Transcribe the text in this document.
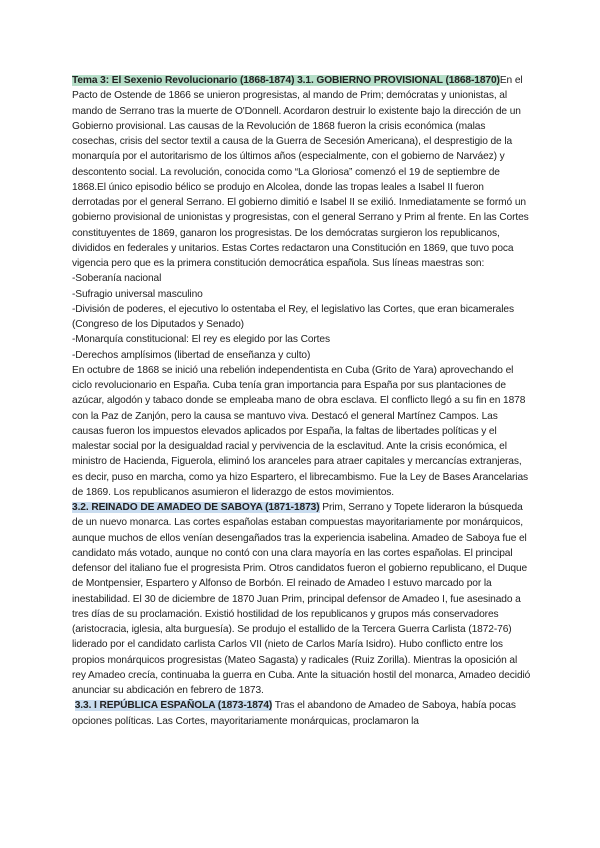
Tema 3: El Sexenio Revolucionario (1868-1874) 3.1. GOBIERNO PROVISIONAL (1868-1870)En el Pacto de Ostende de 1866 se unieron progresistas, al mando de Prim; demócratas y unionistas, al mando de Serrano tras la muerte de O'Donnell. Acordaron destruir lo existente bajo la dirección de un Gobierno provisional. Las causas de la Revolución de 1868 fueron la crisis económica (malas cosechas, crisis del sector textil a causa de la Guerra de Secesión Americana), el desprestigio de la monarquía por el autoritarismo de los últimos años (especialmente, con el gobierno de Narváez) y descontento social. La revolución, conocida como “La Gloriosa” comenzó el 19 de septiembre de 1868.El único episodio bélico se produjo en Alcolea, donde las tropas leales a Isabel II fueron derrotadas por el general Serrano. El gobierno dimitió e Isabel II se exilió. Inmediatamente se formó un gobierno provisional de unionistas y progresistas, con el general Serrano y Prim al frente. En las Cortes constituyentes de 1869, ganaron los progresistas. De los demócratas surgieron los republicanos, divididos en federales y unitarios. Estas Cortes redactaron una Constitución en 1869, que tuvo poca vigencia pero que es la primera constitución democrática española. Sus líneas maestras son:

-Soberanía nacional

-Sufragio universal masculino

-División de poderes, el ejecutivo lo ostentaba el Rey, el legislativo las Cortes, que eran bicamerales (Congreso de los Diputados y Senado)

-Monarquía constitucional: El rey es elegido por las Cortes

-Derechos amplísimos (libertad de enseñanza y culto)

En octubre de 1868 se inició una rebelión independentista en Cuba (Grito de Yara) aprovechando el ciclo revolucionario en España. Cuba tenía gran importancia para España por sus plantaciones de azúcar, algodón y tabaco donde se empleaba mano de obra esclava. El conflicto llegó a su fin en 1878 con la Paz de Zanjón, pero la causa se mantuvo viva. Destacó el general Martínez Campos. Las causas fueron los impuestos elevados aplicados por España, la faltas de libertades políticas y el malestar social por la desigualdad racial y pervivencia de la esclavitud. Ante la crisis económica, el ministro de Hacienda, Figuerola, eliminó los aranceles para atraer capitales y mercancías extranjeras, es decir, puso en marcha, como ya hizo Espartero, el librecambismo. Fue la Ley de Bases Arancelarias de 1869. Los republicanos asumieron el liderazgo de estos movimientos.

3.2. REINADO DE AMADEO DE SABOYA (1871-1873) Prim, Serrano y Topete lideraron la búsqueda de un nuevo monarca. Las cortes españolas estaban compuestas mayoritariamente por monárquicos, aunque muchos de ellos venían desengañados tras la experiencia isabelina. Amadeo de Saboya fue el candidato más votado, aunque no contó con una clara mayoría en las cortes españolas. El principal defensor del italiano fue el progresista Prim. Otros candidatos fueron el gobierno republicano, el Duque de Montpensier, Espartero y Alfonso de Borbón. El reinado de Amadeo I estuvo marcado por la inestabilidad. El 30 de diciembre de 1870 Juan Prim, principal defensor de Amadeo I, fue asesinado a tres días de su proclamación. Existió hostilidad de los republicanos y grupos más conservadores (aristocracia, iglesia, alta burguesía). Se produjo el estallido de la Tercera Guerra Carlista (1872-76) liderado por el candidato carlista Carlos VII (nieto de Carlos María Isidro). Hubo conflicto entre los propios monárquicos progresistas (Mateo Sagasta) y radicales (Ruiz Zorilla). Mientras la oposición al rey Amadeo crecía, continuaba la guerra en Cuba. Ante la situación hostil del monarca, Amadeo decidió anunciar su abdicación en febrero de 1873.

3.3. I REPÚBLICA ESPAÑOLA (1873-1874) Tras el abandono de Amadeo de Saboya, había pocas opciones políticas. Las Cortes, mayoritariamente monárquicas, proclamaron la
